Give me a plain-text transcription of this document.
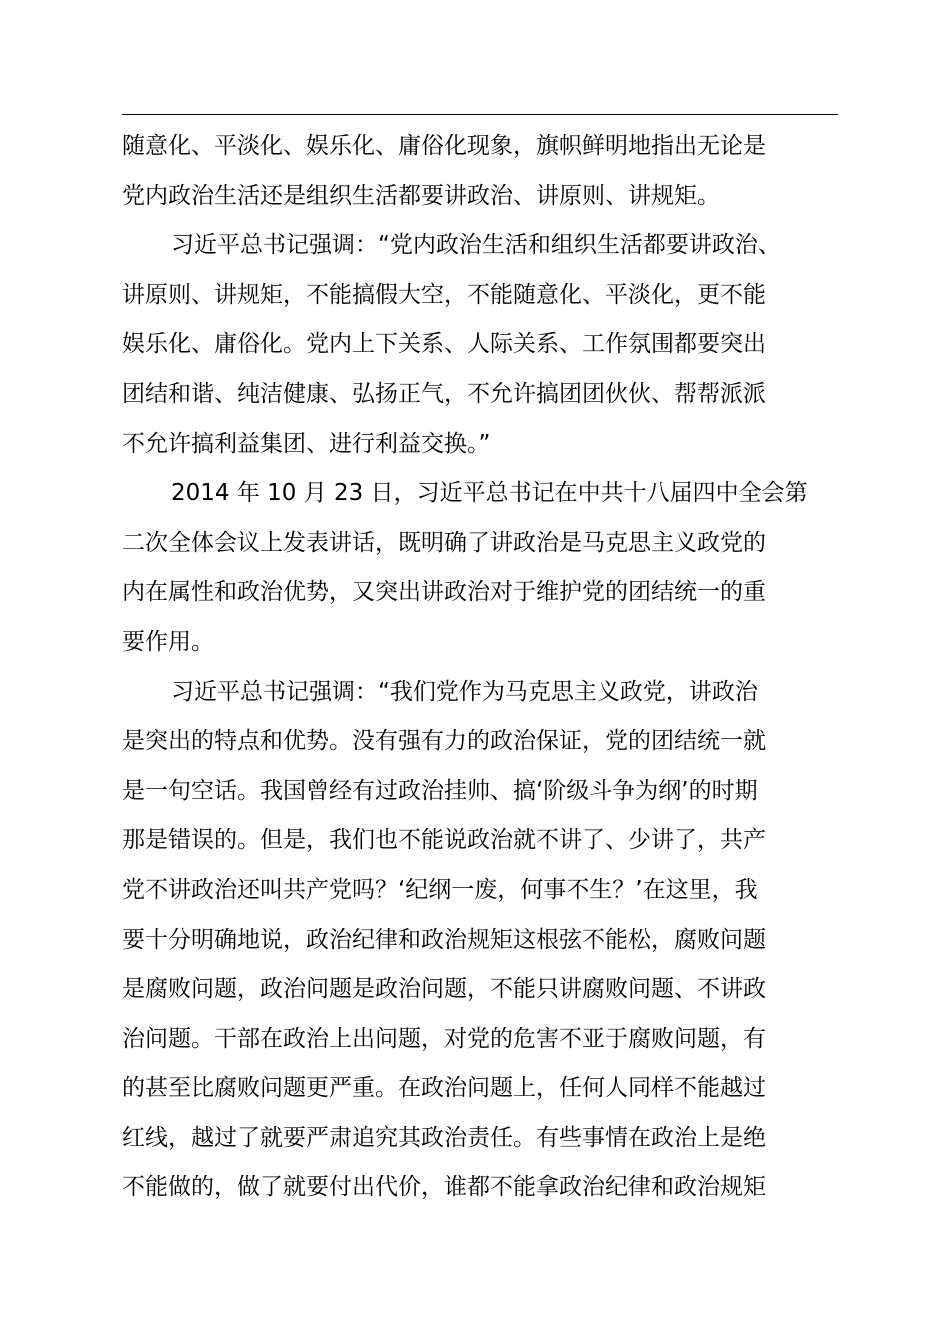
随意化、平淡化、娱乐化、庸俗化现象，旗帜鲜明地指出无论是
党内政治生活还是组织生活都要讲政治、讲原则、讲规矩。
习近平总书记强调：“党内政治生活和组织生活都要讲政治、
讲原则、讲规矩，不能搞假大空，不能随意化、平淡化，更不能
娱乐化、庸俗化。党内上下关系、人际关系、工作氛围都要突出
团结和谐、纯洁健康、弘扬正气，不允许搞团团伙伙、帮帮派派
不允许搞利益集团、进行利益交换。”
2014 年 10 月 23 日，习近平总书记在中共十八届四中全会第
二次全体会议上发表讲话，既明确了讲政治是马克思主义政党的
内在属性和政治优势，又突出讲政治对于维护党的团结统一的重
要作用。
习近平总书记强调：“我们党作为马克思主义政党，讲政治
是突出的特点和优势。没有强有力的政治保证，党的团结统一就
是一句空话。我国曾经有过政治挂帅、搞‘阶级斗争为纲’的时期
那是错误的。但是，我们也不能说政治就不讲了、少讲了，共产
党不讲政治还叫共产党吗？‘纪纲一废，何事不生？’在这里，我
要十分明确地说，政治纪律和政治规矩这根弦不能松，腐败问题
是腐败问题，政治问题是政治问题，不能只讲腐败问题、不讲政
治问题。干部在政治上出问题，对党的危害不亚于腐败问题，有
的甚至比腐败问题更严重。在政治问题上，任何人同样不能越过
红线，越过了就要严肃追究其政治责任。有些事情在政治上是绝
不能做的，做了就要付出代价，谁都不能拿政治纪律和政治规矩
